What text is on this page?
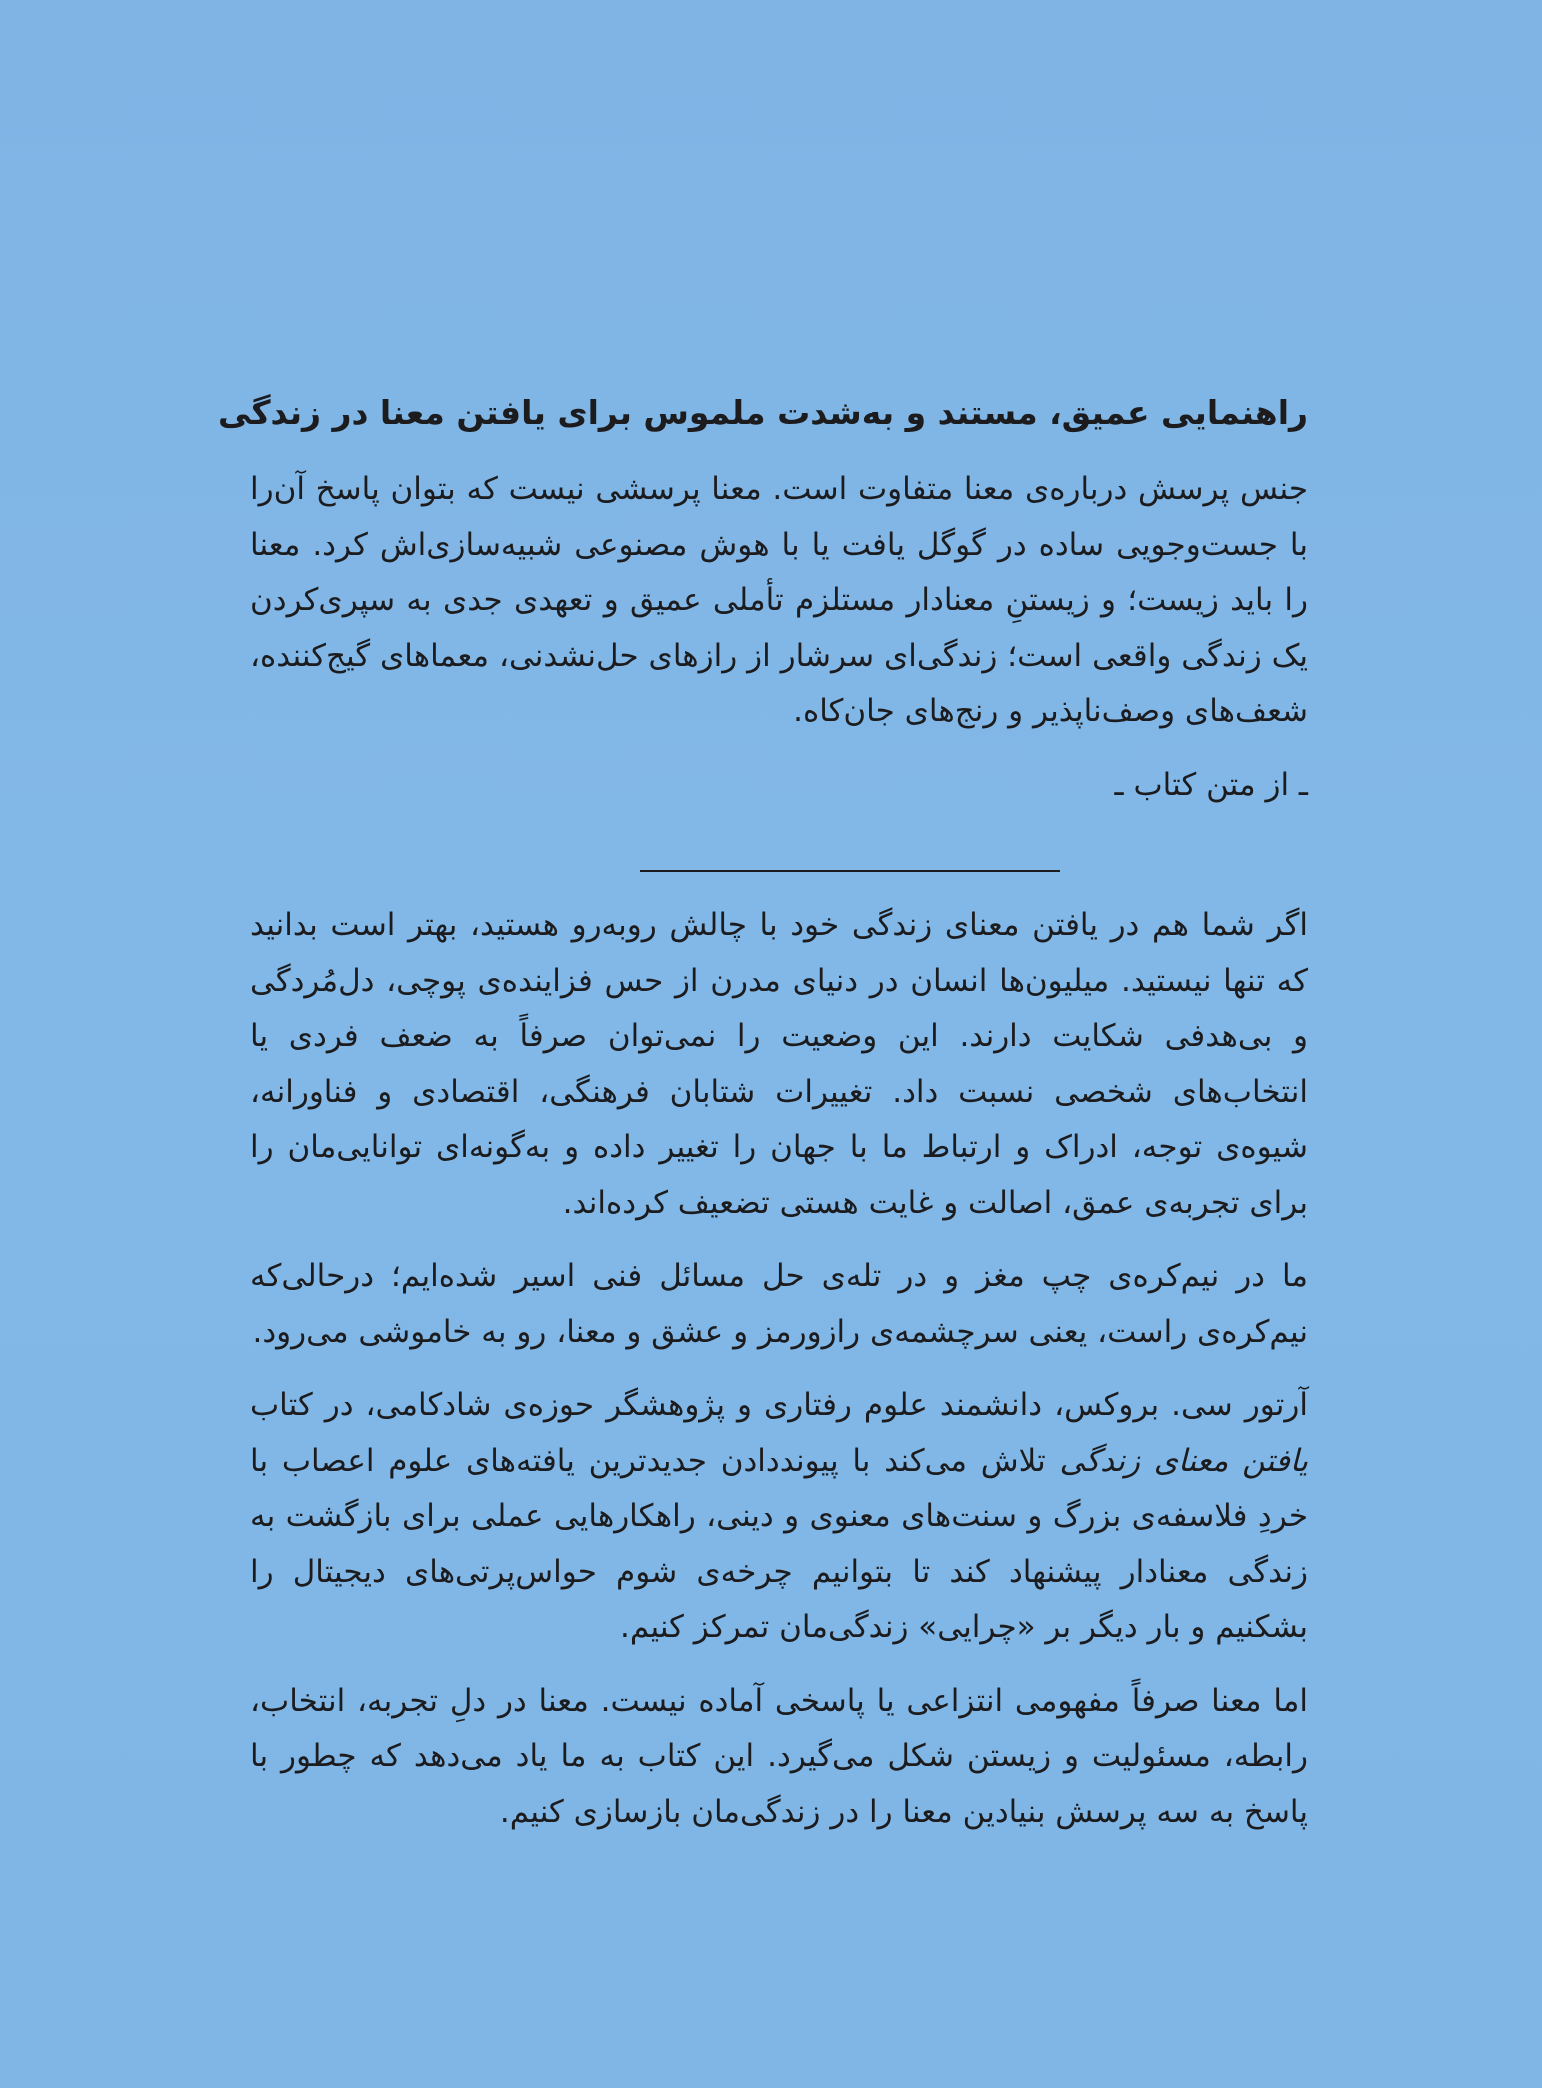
راهنمایی عمیق، مستند و به‌شدت ملموس برای یافتن معنا در زندگی

جنس پرسش درباره‌ی معنا متفاوت است. معنا پرسشی نیست که بتوان پاسخ آن‌را با جست‌وجویی ساده در گوگل یافت یا با هوش مصنوعی شبیه‌سازی‌اش کرد. معنا را باید زیست؛ و زیستنِ معنادار مستلزم تأملی عمیق و تعهدی جدی به سپری‌کردن یک زندگی واقعی است؛ زندگی‌ای سرشار از رازهای حل‌نشدنی، معماهای گیج‌کننده، شعف‌های وصف‌ناپذیر و رنج‌های جان‌کاه.

ـ از متن کتاب ـ

اگر شما هم در یافتن معنای زندگی خود با چالش روبه‌رو هستید، بهتر است بدانید که تنها نیستید. میلیون‌ها انسان در دنیای مدرن از حس فزاینده‌ی پوچی، دل‌مُردگی و بی‌هدفی شکایت دارند. این وضعیت را نمی‌توان صرفاً به ضعف فردی یا انتخاب‌های شخصی نسبت داد. تغییرات شتابان فرهنگی، اقتصادی و فناورانه، شیوه‌ی توجه، ادراک و ارتباط ما با جهان را تغییر داده و به‌گونه‌ای توانایی‌مان را برای تجربه‌ی عمق، اصالت و غایت هستی تضعیف کرده‌اند.

ما در نیم‌کره‌ی چپ مغز و در تله‌ی حل مسائل فنی اسیر شده‌ایم؛ درحالی‌که نیم‌کره‌ی راست، یعنی سرچشمه‌ی رازورمز و عشق و معنا، رو به خاموشی می‌رود.

آرتور سی. بروکس، دانشمند علوم رفتاری و پژوهشگر حوزه‌ی شادکامی، در کتاب یافتن معنای زندگی تلاش می‌کند با پیونددادن جدیدترین یافته‌های علوم اعصاب با خردِ فلاسفه‌ی بزرگ و سنت‌های معنوی و دینی، راهکارهایی عملی برای بازگشت به زندگی معنادار پیشنهاد کند تا بتوانیم چرخه‌ی شوم حواس‌پرتی‌های دیجیتال را بشکنیم و بار دیگر بر «چرایی» زندگی‌مان تمرکز کنیم.

اما معنا صرفاً مفهومی انتزاعی یا پاسخی آماده نیست. معنا در دلِ تجربه، انتخاب، رابطه، مسئولیت و زیستن شکل می‌گیرد. این کتاب به ما یاد می‌دهد که چطور با پاسخ به سه پرسش بنیادین معنا را در زندگی‌مان بازسازی کنیم.
